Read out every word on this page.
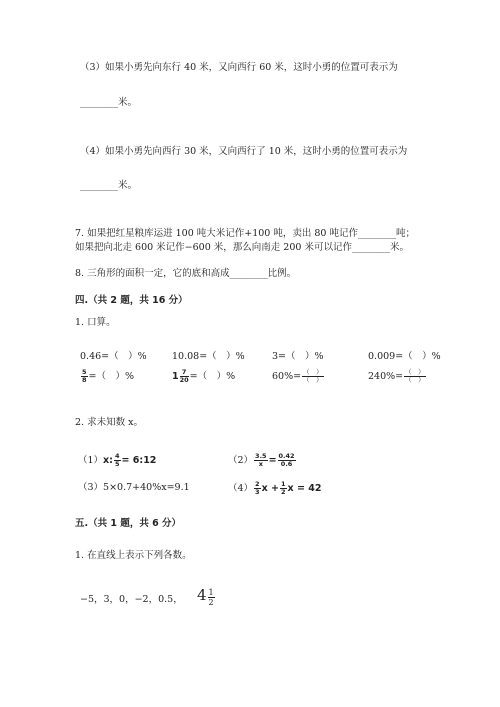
（3）如果小勇先向东行 40 米，又向西行 60 米，这时小勇的位置可表示为
________米。
（4）如果小勇先向西行 30 米，又向西行了 10 米，这时小勇的位置可表示为
________米。
7. 如果把红星粮库运进 100 吨大米记作+100 吨，卖出 80 吨记作________吨；
如果把向北走 600 米记作−600 米，那么向南走 200 米可以记作________米。
8. 三角形的面积一定，它的底和高成________比例。
四.（共 2 题，共 16 分）
1. 口算。
0.46=（　）%	10.08=（　）%	3=（　）%	0.009=（　）%
$\frac{5}{8}$ =（　）%	$1 \frac{7}{20}$ =（　）%	$60\%= \frac{( )}{( )}$	$240\%= \frac{( )}{( )}$
2. 求未知数 x。
（1）x: $\frac{4}{5}$ = 6:12	$(2) \frac{3.5}{x} = \frac{0.42}{0.6}$
（3）5×0.7+40%x=9.1	$(4) \frac{2}{3}$ $x + \frac{1}{2}$ x = 42
五.（共 1 题，共 6 分）
1. 在直线上表示下列各数。
−5，3，0，−2，0.5， $4 \frac{1}{2}$
